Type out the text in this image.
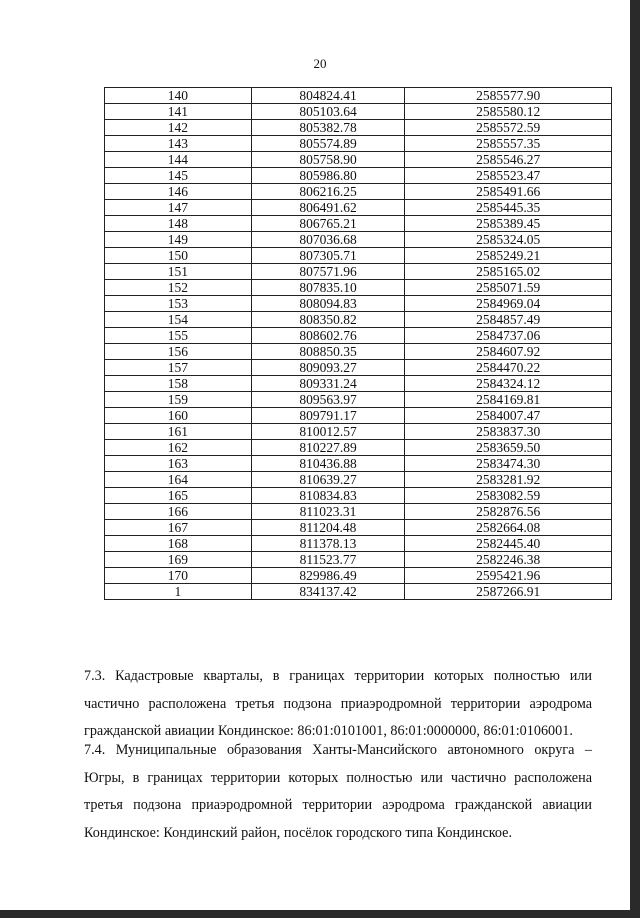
20
140	804824.41	2585577.90
141	805103.64	2585580.12
142	805382.78	2585572.59
143	805574.89	2585557.35
144	805758.90	2585546.27
145	805986.80	2585523.47
146	806216.25	2585491.66
147	806491.62	2585445.35
148	806765.21	2585389.45
149	807036.68	2585324.05
150	807305.71	2585249.21
151	807571.96	2585165.02
152	807835.10	2585071.59
153	808094.83	2584969.04
154	808350.82	2584857.49
155	808602.76	2584737.06
156	808850.35	2584607.92
157	809093.27	2584470.22
158	809331.24	2584324.12
159	809563.97	2584169.81
160	809791.17	2584007.47
161	810012.57	2583837.30
162	810227.89	2583659.50
163	810436.88	2583474.30
164	810639.27	2583281.92
165	810834.83	2583082.59
166	811023.31	2582876.56
167	811204.48	2582664.08
168	811378.13	2582445.40
169	811523.77	2582246.38
170	829986.49	2595421.96
1	834137.42	2587266.91

7.3. Кадастровые кварталы, в границах территории которых полностью или частично расположена третья подзона приаэродромной территории аэродрома гражданской авиации Кондинское: 86:01:0101001, 86:01:0000000, 86:01:0106001.

7.4. Муниципальные образования Ханты-Мансийского автономного округа – Югры, в границах территории которых полностью или частично расположена третья подзона приаэродромной территории аэродрома гражданской авиации Кондинское: Кондинский район, посёлок городского типа Кондинское.
